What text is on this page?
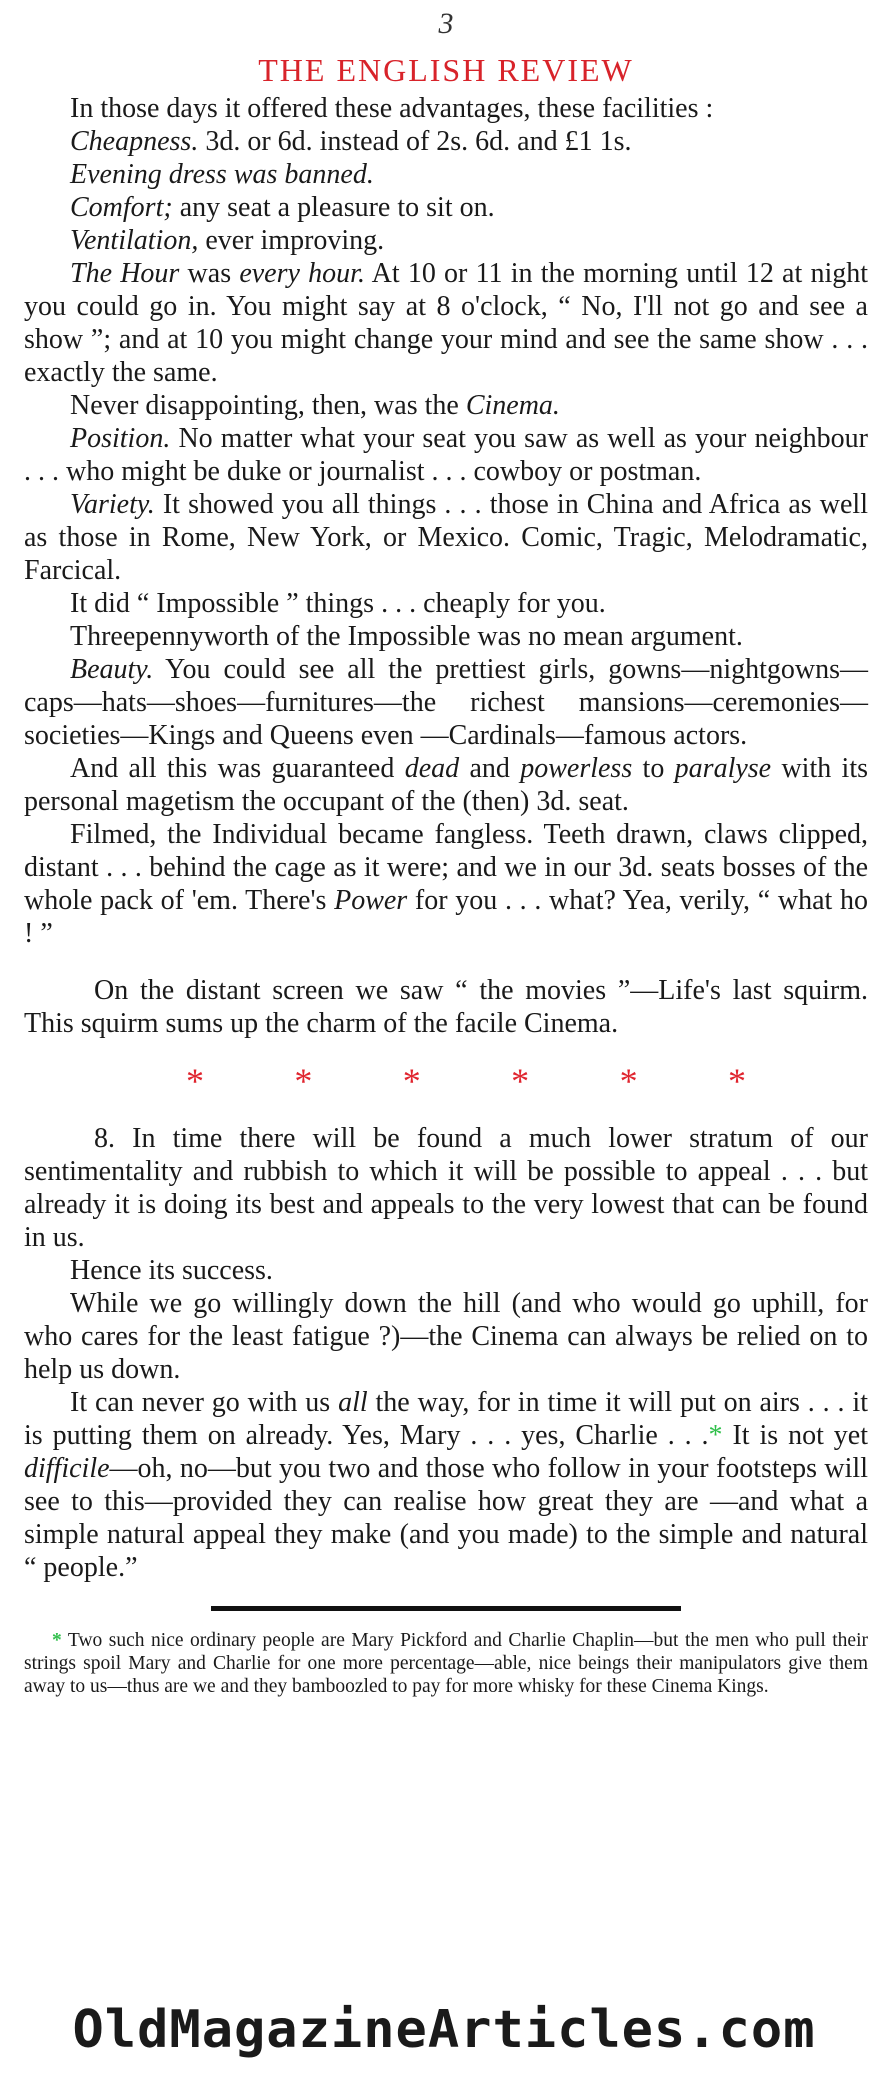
3
THE ENGLISH REVIEW

In those days it offered these advantages, these facilities :

Cheapness. 3d. or 6d. instead of 2s. 6d. and £1 1s.

Evening dress was banned.

Comfort; any seat a pleasure to sit on.

Ventilation, ever improving.

The Hour was every hour. At 10 or 11 in the morning until 12 at night you could go in. You might say at 8 o'clock, “ No, I'll not go and see a show ”; and at 10 you might change your mind and see the same show . . . exactly the same.

Never disappointing, then, was the Cinema.

Position. No matter what your seat you saw as well as your neighbour . . . who might be duke or journalist . . . cowboy or postman.

Variety. It showed you all things . . . those in China and Africa as well as those in Rome, New York, or Mexico. Comic, Tragic, Melodramatic, Farcical.

It did “ Impossible ” things . . . cheaply for you.

Threepennyworth of the Impossible was no mean argument.

Beauty. You could see all the prettiest girls, gowns—nightgowns—caps—hats—shoes—furnitures—the richest mansions—ceremonies—societies—Kings and Queens even —Cardinals—famous actors.

And all this was guaranteed dead and powerless to paralyse with its personal magetism the occupant of the (then) 3d. seat.

Filmed, the Individual became fangless. Teeth drawn, claws clipped, distant . . . behind the cage as it were; and we in our 3d. seats bosses of the whole pack of 'em. There's Power for you . . . what? Yea, verily, “ what ho ! ”

On the distant screen we saw “ the movies ”—Life's last squirm. This squirm sums up the charm of the facile Cinema.

*	*	*	*	*	*

8. In time there will be found a much lower stratum of our sentimentality and rubbish to which it will be possible to appeal . . . but already it is doing its best and appeals to the very lowest that can be found in us.

Hence its success.

While we go willingly down the hill (and who would go uphill, for who cares for the least fatigue ?)—the Cinema can always be relied on to help us down.

It can never go with us all the way, for in time it will put on airs . . . it is putting them on already. Yes, Mary . . . yes, Charlie . . .* It is not yet difficile—oh, no—but you two and those who follow in your footsteps will see to this—provided they can realise how great they are —and what a simple natural appeal they make (and you made) to the simple and natural “ people.”

* Two such nice ordinary people are Mary Pickford and Charlie Chaplin—but the men who pull their strings spoil Mary and Charlie for one more percentage—able, nice beings their manipulators give them away to us—thus are we and they bamboozled to pay for more whisky for these Cinema Kings.

OldMagazineArticles.com
